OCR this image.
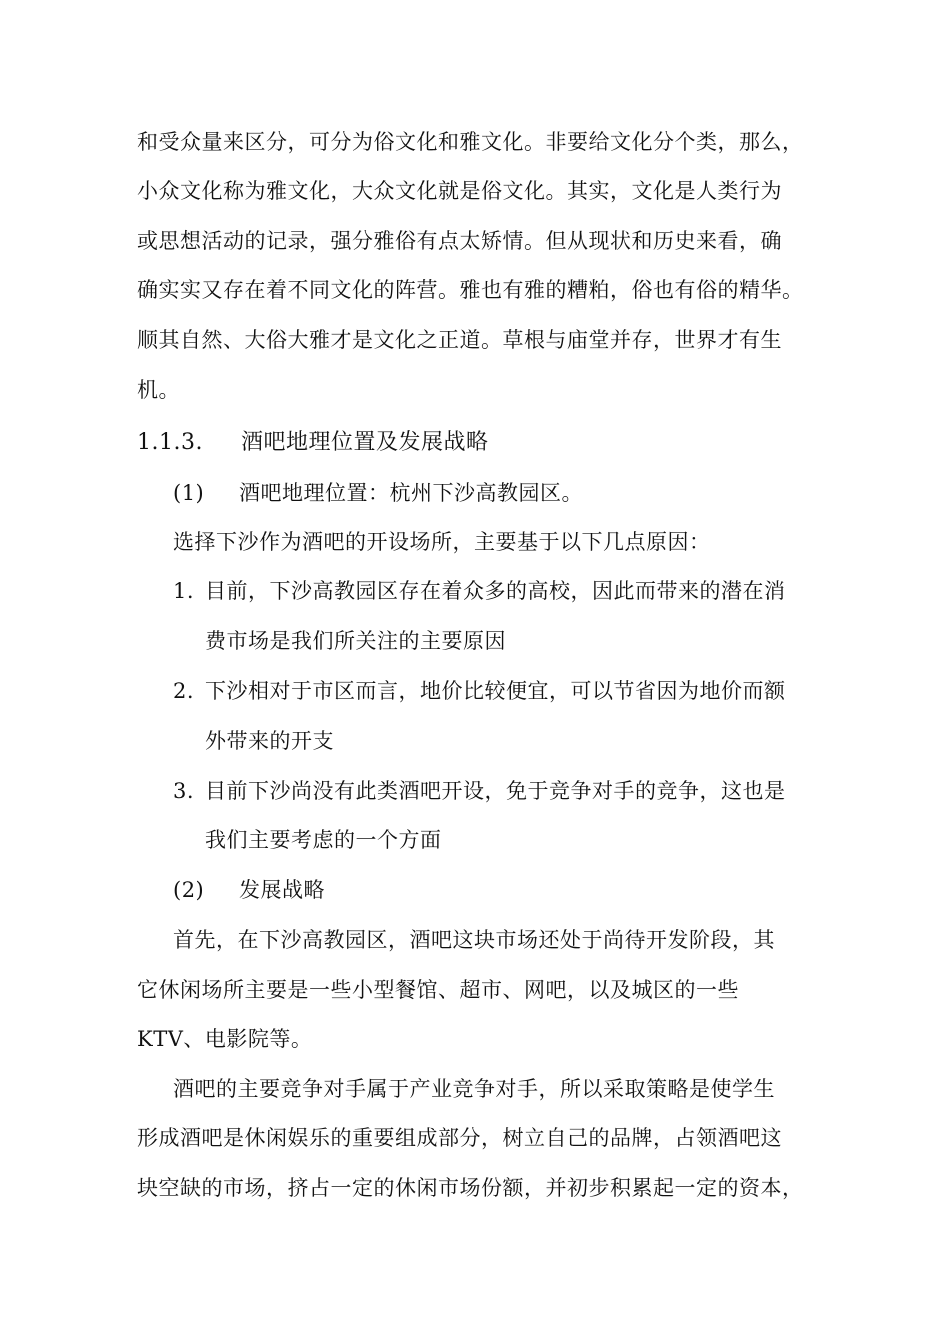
和受众量来区分，可分为俗文化和雅文化。非要给文化分个类，那么，
小众文化称为雅文化，大众文化就是俗文化。其实，文化是人类行为
或思想活动的记录，强分雅俗有点太矫情。但从现状和历史来看，确
确实实又存在着不同文化的阵营。雅也有雅的糟粕，俗也有俗的精华。
顺其自然、大俗大雅才是文化之正道。草根与庙堂并存，世界才有生
机。
1.1.3. 酒吧地理位置及发展战略
(1) 酒吧地理位置：杭州下沙高教园区。
选择下沙作为酒吧的开设场所，主要基于以下几点原因：
1. 目前，下沙高教园区存在着众多的高校，因此而带来的潜在消
费市场是我们所关注的主要原因
2. 下沙相对于市区而言，地价比较便宜，可以节省因为地价而额
外带来的开支
3. 目前下沙尚没有此类酒吧开设，免于竞争对手的竞争，这也是
我们主要考虑的一个方面
(2) 发展战略
首先，在下沙高教园区，酒吧这块市场还处于尚待开发阶段，其
它休闲场所主要是一些小型餐馆、超市、网吧，以及城区的一些
KTV、电影院等。
酒吧的主要竞争对手属于产业竞争对手，所以采取策略是使学生
形成酒吧是休闲娱乐的重要组成部分，树立自己的品牌，占领酒吧这
块空缺的市场，挤占一定的休闲市场份额，并初步积累起一定的资本，
